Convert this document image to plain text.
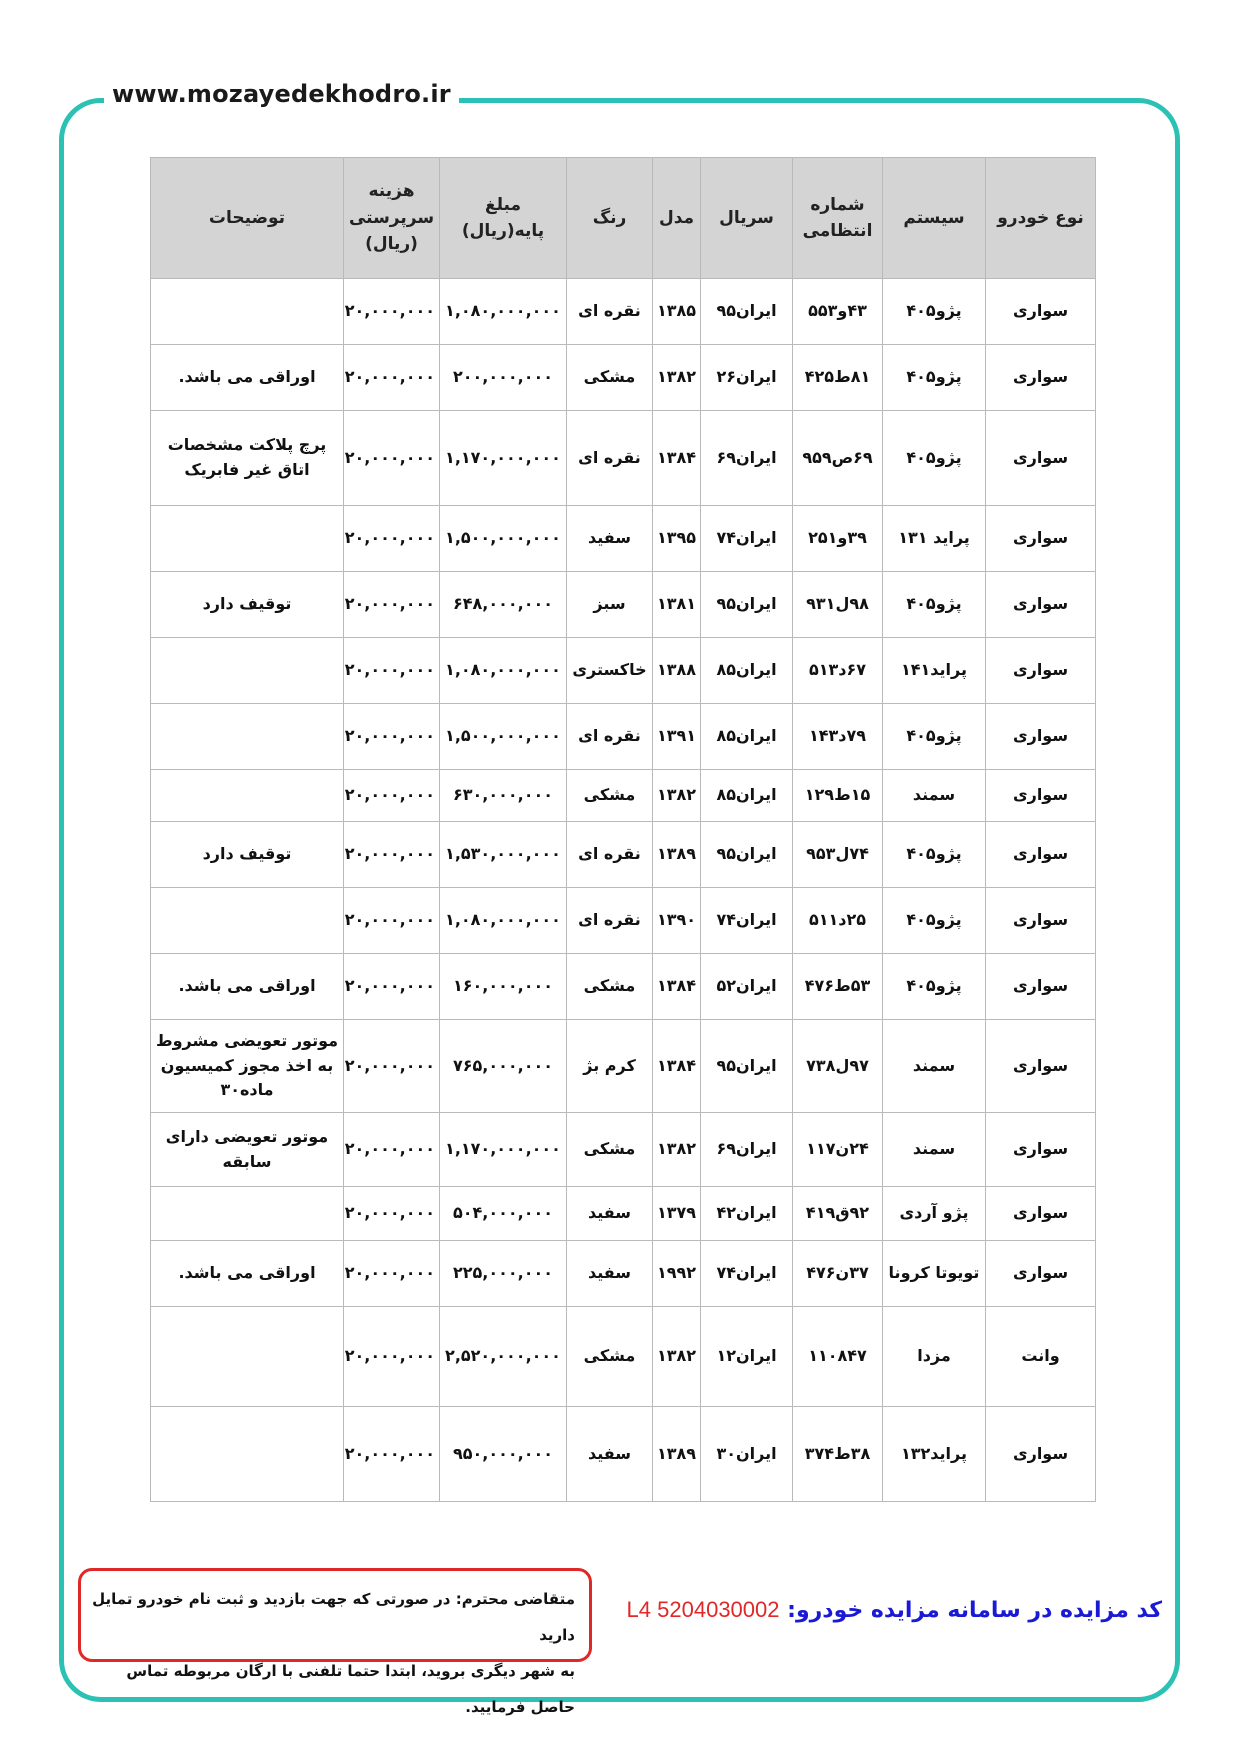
www.mozayedekhodro.ir
نوع خودرو	سیستم	شماره انتظامی	سریال	مدل	رنگ	مبلغ پایه(ریال)	هزینه سرپرستی (ریال)	توضیحات
سواری	پژو۴۰۵	۴۳و۵۵۳	ایران۹۵	۱۳۸۵	نقره ای	۱,۰۸۰,۰۰۰,۰۰۰	۲۰,۰۰۰,۰۰۰	
سواری	پژو۴۰۵	۸۱ط۴۲۵	ایران۲۶	۱۳۸۲	مشکی	۲۰۰,۰۰۰,۰۰۰	۲۰,۰۰۰,۰۰۰	اوراقی می باشد.
سواری	پژو۴۰۵	۶۹ص۹۵۹	ایران۶۹	۱۳۸۴	نقره ای	۱,۱۷۰,۰۰۰,۰۰۰	۲۰,۰۰۰,۰۰۰	پرچ پلاکت مشخصات اتاق غیر فابریک
سواری	پراید ۱۳۱	۳۹و۲۵۱	ایران۷۴	۱۳۹۵	سفید	۱,۵۰۰,۰۰۰,۰۰۰	۲۰,۰۰۰,۰۰۰	
سواری	پژو۴۰۵	۹۸ل۹۳۱	ایران۹۵	۱۳۸۱	سبز	۶۴۸,۰۰۰,۰۰۰	۲۰,۰۰۰,۰۰۰	توقیف دارد
سواری	پراید۱۴۱	۶۷د۵۱۳	ایران۸۵	۱۳۸۸	خاکستری	۱,۰۸۰,۰۰۰,۰۰۰	۲۰,۰۰۰,۰۰۰	
سواری	پژو۴۰۵	۷۹د۱۴۳	ایران۸۵	۱۳۹۱	نقره ای	۱,۵۰۰,۰۰۰,۰۰۰	۲۰,۰۰۰,۰۰۰	
سواری	سمند	۱۵ط۱۲۹	ایران۸۵	۱۳۸۲	مشکی	۶۳۰,۰۰۰,۰۰۰	۲۰,۰۰۰,۰۰۰	
سواری	پژو۴۰۵	۷۴ل۹۵۳	ایران۹۵	۱۳۸۹	نقره ای	۱,۵۳۰,۰۰۰,۰۰۰	۲۰,۰۰۰,۰۰۰	توقیف دارد
سواری	پژو۴۰۵	۲۵د۵۱۱	ایران۷۴	۱۳۹۰	نقره ای	۱,۰۸۰,۰۰۰,۰۰۰	۲۰,۰۰۰,۰۰۰	
سواری	پژو۴۰۵	۵۳ط۴۷۶	ایران۵۲	۱۳۸۴	مشکی	۱۶۰,۰۰۰,۰۰۰	۲۰,۰۰۰,۰۰۰	اوراقی می باشد.
سواری	سمند	۹۷ل۷۳۸	ایران۹۵	۱۳۸۴	کرم بژ	۷۶۵,۰۰۰,۰۰۰	۲۰,۰۰۰,۰۰۰	موتور تعویضی مشروط به اخذ مجوز کمیسیون ماده۳۰
سواری	سمند	۲۴ن۱۱۷	ایران۶۹	۱۳۸۲	مشکی	۱,۱۷۰,۰۰۰,۰۰۰	۲۰,۰۰۰,۰۰۰	موتور تعویضی دارای سابقه
سواری	پژو آردی	۹۲ق۴۱۹	ایران۴۲	۱۳۷۹	سفید	۵۰۴,۰۰۰,۰۰۰	۲۰,۰۰۰,۰۰۰	
سواری	تویوتا کرونا	۳۷ن۴۷۶	ایران۷۴	۱۹۹۲	سفید	۲۲۵,۰۰۰,۰۰۰	۲۰,۰۰۰,۰۰۰	اوراقی می باشد.
وانت	مزدا	۱۱۰۸۴۷	ایران۱۲	۱۳۸۲	مشکی	۲,۵۲۰,۰۰۰,۰۰۰	۲۰,۰۰۰,۰۰۰	
سواری	پراید۱۳۲	۳۸ط۳۷۴	ایران۳۰	۱۳۸۹	سفید	۹۵۰,۰۰۰,۰۰۰	۲۰,۰۰۰,۰۰۰	
متقاضی محترم: در صورتی که جهت بازدید و ثبت نام خودرو تمایل دارید
به شهر دیگری بروید، ابتدا حتما تلفنی با ارگان مربوطه تماس حاصل فرمایید.
کد مزایده در سامانه مزایده خودرو: 5204030002 L4
